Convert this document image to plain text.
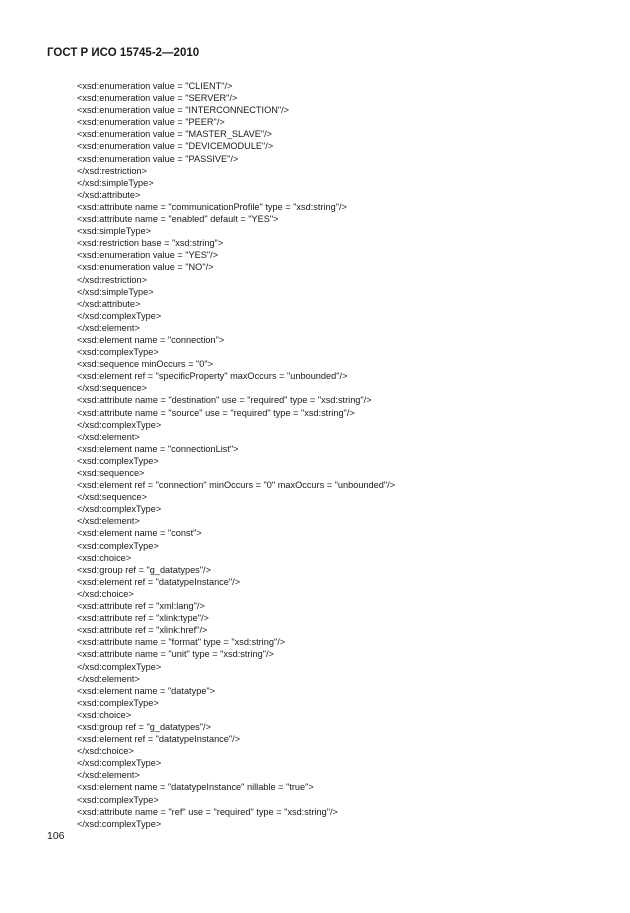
ГОСТ Р ИСО 15745-2—2010
<xsd:enumeration value = "CLIENT"/>
<xsd:enumeration value = "SERVER"/>
<xsd:enumeration value = "INTERCONNECTION"/>
<xsd:enumeration value = "PEER"/>
<xsd:enumeration value = "MASTER_SLAVE"/>
<xsd:enumeration value = "DEVICEMODULE"/>
<xsd:enumeration value = "PASSIVE"/>
</xsd:restriction>
</xsd:simpleType>
</xsd:attribute>
<xsd:attribute name = "communicationProfile" type = "xsd:string"/>
<xsd:attribute name = "enabled" default = "YES">
<xsd:simpleType>
<xsd:restriction base = "xsd:string">
<xsd:enumeration value = "YES"/>
<xsd:enumeration value = "NO"/>
</xsd:restriction>
</xsd:simpleType>
</xsd:attribute>
</xsd:complexType>
</xsd:element>
<xsd:element name = "connection">
<xsd:complexType>
<xsd:sequence minOccurs = "0">
<xsd:element ref = "specificProperty" maxOccurs = "unbounded"/>
</xsd:sequence>
<xsd:attribute name = "destination" use = "required" type = "xsd:string"/>
<xsd:attribute name = "source" use = "required" type = "xsd:string"/>
</xsd:complexType>
</xsd:element>
<xsd:element name = "connectionList">
<xsd:complexType>
<xsd:sequence>
<xsd:element ref = "connection" minOccurs = "0" maxOccurs = "unbounded"/>
</xsd:sequence>
</xsd:complexType>
</xsd:element>
<xsd:element name = "const">
<xsd:complexType>
<xsd:choice>
<xsd:group ref = "g_datatypes"/>
<xsd:element ref = "datatypeInstance"/>
</xsd:choice>
<xsd:attribute ref = "xml:lang"/>
<xsd:attribute ref = "xlink:type"/>
<xsd:attribute ref = "xlink:href"/>
<xsd:attribute name = "format" type = "xsd:string"/>
<xsd:attribute name = "unit" type = "xsd:string"/>
</xsd:complexType>
</xsd:element>
<xsd:element name = "datatype">
<xsd:complexType>
<xsd:choice>
<xsd:group ref = "g_datatypes"/>
<xsd:element ref = "datatypeInstance"/>
</xsd:choice>
</xsd:complexType>
</xsd:element>
<xsd:element name = "datatypeInstance" nillable = "true">
<xsd:complexType>
<xsd:attribute name = "ref" use = "required" type = "xsd:string"/>
</xsd:complexType>
106
